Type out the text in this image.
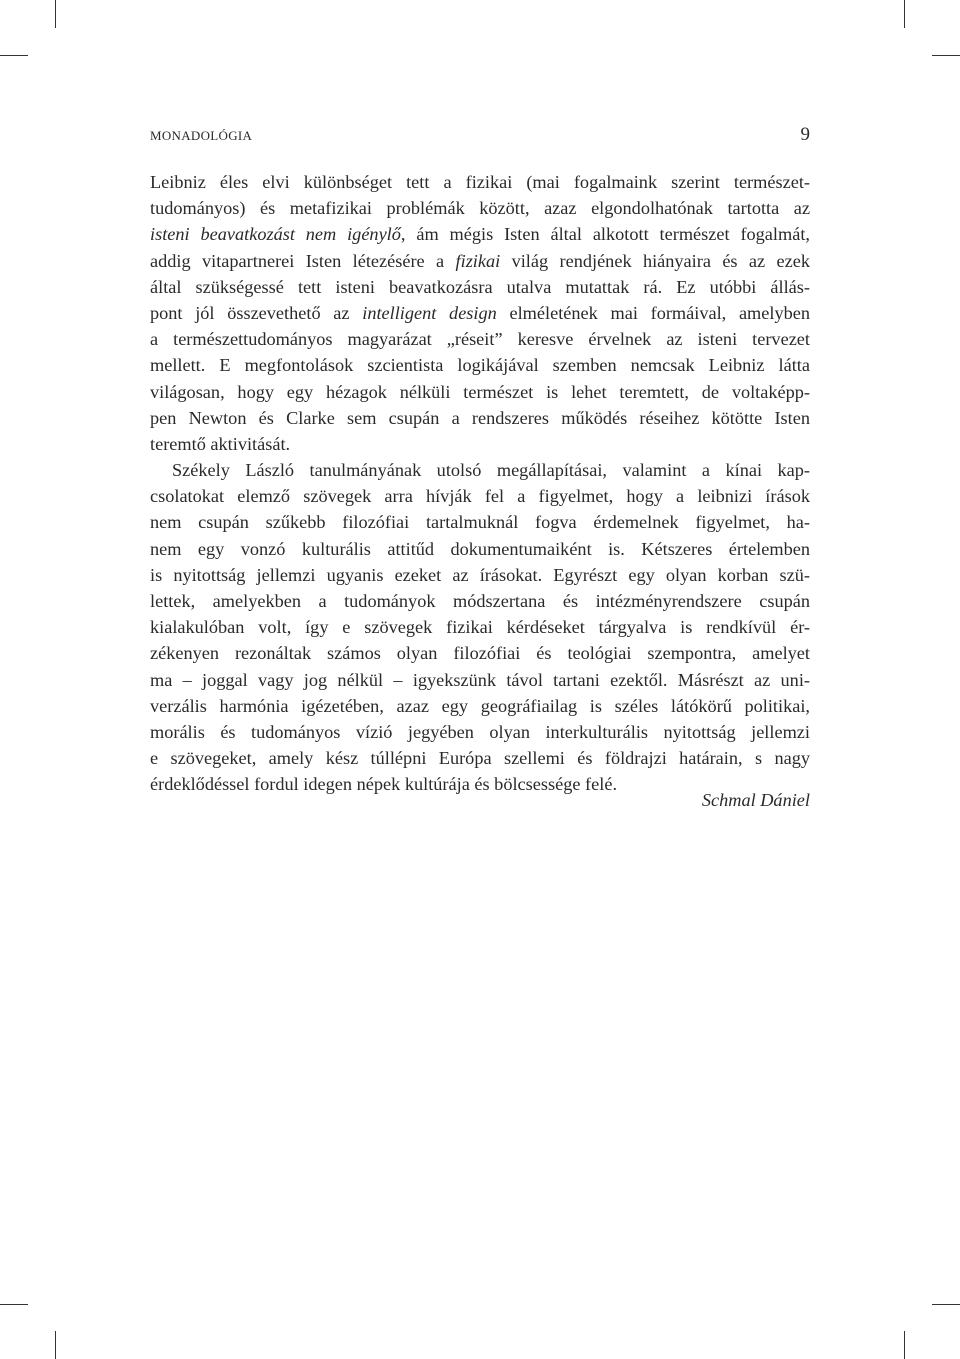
MONADOLÓGIA	9
Leibniz éles elvi különbséget tett a fizikai (mai fogalmaink szerint természet-
tudományos) és metafizikai problémák között, azaz elgondolhatónak tartotta az
isteni beavatkozást nem igénylő, ám mégis Isten által alkotott természet fogalmát,
addig vitapartnerei Isten létezésére a fizikai világ rendjének hiányaira és az ezek
által szükségessé tett isteni beavatkozásra utalva mutattak rá. Ez utóbbi állás-
pont jól összevethető az intelligent design elméletének mai formáival, amelyben
a természettudományos magyarázat „réseit” keresve érvelnek az isteni tervezet
mellett. E megfontolások szcientista logikájával szemben nemcsak Leibniz látta
világosan, hogy egy hézagok nélküli természet is lehet teremtett, de voltaképp-
pen Newton és Clarke sem csupán a rendszeres működés réseihez kötötte Isten
teremtő aktivitását.
Székely László tanulmányának utolsó megállapításai, valamint a kínai kap-
csolatokat elemző szövegek arra hívják fel a figyelmet, hogy a leibnizi írások
nem csupán szűkebb filozófiai tartalmuknál fogva érdemelnek figyelmet, ha-
nem egy vonzó kulturális attitűd dokumentumaiként is. Kétszeres értelemben
is nyitottság jellemzi ugyanis ezeket az írásokat. Egyrészt egy olyan korban szü-
lettek, amelyekben a tudományok módszertana és intézményrendszere csupán
kialakulóban volt, így e szövegek fizikai kérdéseket tárgyalva is rendkívül ér-
zékenyen rezonáltak számos olyan filozófiai és teológiai szempontra, amelyet
ma – joggal vagy jog nélkül – igyekszünk távol tartani ezektől. Másrészt az uni-
verzális harmónia igézetében, azaz egy geográfiailag is széles látókörű politikai,
morális és tudományos vízió jegyében olyan interkulturális nyitottság jellemzi
e szövegeket, amely kész túllépni Európa szellemi és földrajzi határain, s nagy
érdeklődéssel fordul idegen népek kultúrája és bölcsessége felé.
Schmal Dániel
